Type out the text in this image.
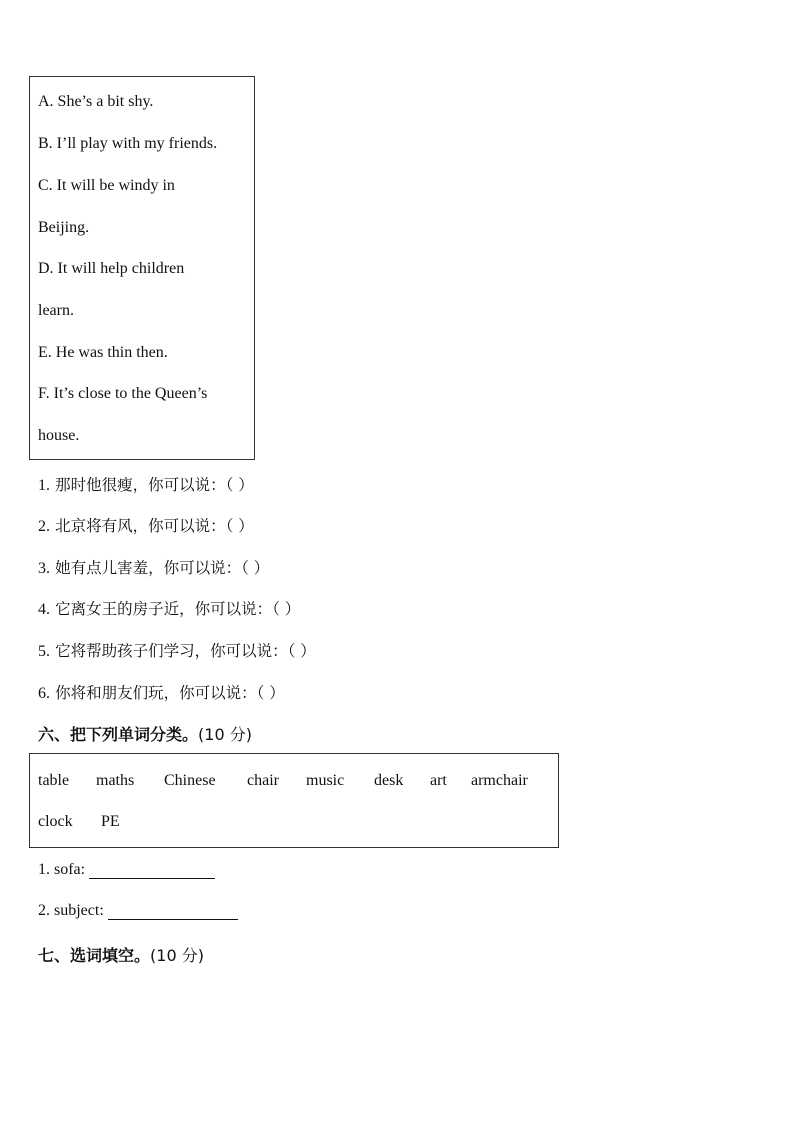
A. She’s a bit shy.
B. I’ll play with my friends.
C. It will be windy in
Beijing.
D. It will help children
learn.
E. He was thin then.
F. It’s close to the Queen’s
house.
1. 那时他很瘦，你可以说：（ ）
2. 北京将有风，你可以说：（ ）
3. 她有点儿害羞，你可以说：（ ）
4. 它离女王的房子近，你可以说：（ ）
5. 它将帮助孩子们学习，你可以说：（ ）
6. 你将和朋友们玩，你可以说：（ ）
六、把下列单词分类。(10 分)
table maths Chinese chair music desk art armchair
clock PE
1. sofa:
2. subject:
七、选词填空。(10 分)
